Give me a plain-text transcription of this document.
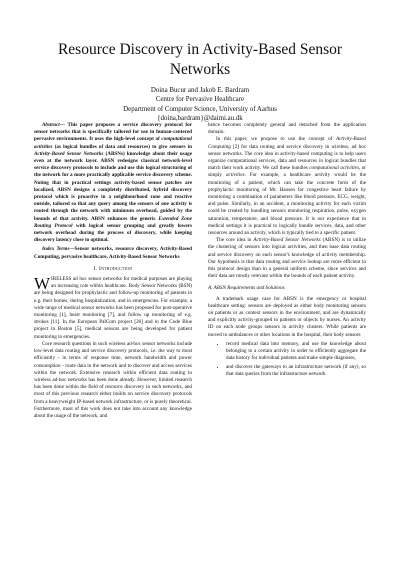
Resource Discovery in Activity-Based Sensor
Networks
Doina Bucur and Jakob E. Bardram
Centre for Pervasive Healthcare
Department of Computer Science, University of Aarhus
{doina,bardram}@daimi.au.dk

Abstract— This paper proposes a service discovery protocol for sensor networks that is specifically tailored for use in human-centered pervasive environments. It uses the high-level concept of computational activities (as logical bundles of data and resources) to give sensors in Activity-Based Sensor Networks (ABSNs) knowledge about their usage even at the network layer. ABSN redesigns classical network-level service discovery protocols to include and use this logical structuring of the network for a more practically applicable service discovery scheme. Noting that in practical settings activity-based sensor patches are localized, ABSN designs a completely distributed, hybrid discovery protocol which is proactive in a neighbourhood zone and reactive outside, tailored so that any query among the sensors of one activity is routed through the network with minimum overhead, guided by the bounds of that activity. ABSN enhances the generic Extended Zone Routing Protocol with logical sensor grouping and greatly lowers network overhead during the process of discovery, while keeping discovery latency close to optimal.

Index Terms—Sensor networks, resource discovery, Activity-Based Computing, pervasive healthcare, Activity-Based Sensor Networks

I. Introduction

WIRELESS ad hoc sensor networks for medical purposes are playing an increasing role within healthcare. Body Sensor Networks (BSN) are being designed for prophylactic and follow-up monitoring of patients in e.g. their homes, during hospitalization, and in emergencies. For example, a wide range of medical sensor networks has been proposed for post-operative monitoring [1], heart monitoring [7], and follow up monitoring of e.g. strokes [11]. In the European PalCom project [20] and in the Code Blue project in Boston [5], medical sensors are being developed for patient monitoring in emergencies.

Core research questions in such wireless ad-hoc sensor networks include low-level data routing and service discovery protocols, i.e. the way to most efficiently - in terms of response time, network bandwidth and power consumption - route data in the network and to discover and access services within the network. Extensive research within efficient data routing in wireless ad-hoc networks has been done already. However, limited research has been done within the field of resource discovery in such networks, and most of this previous research either builds on service discovery protocols from a heavyweight IP-based network infrastructure, or is purely theoretical. Furthermore, most of this work does not take into account any knowledge about the usage of the network, and

hence becomes completely general and detached from the application domain.

In this paper, we propose to use the concept of Activity-Based Computing [2] for data routing and service discovery in wireless, ad hoc sensor networks. The core idea in activity-based computing is to help users organize computational services, data and resources in logical bundles that match their work activity. We call these bundles computational activities, or simply activities. For example, a healthcare activity would be the monitoring of a patient, which can take the concrete form of the prophylactic monitoring of Mr. Hansen for congestive heart failure by monitoring a combination of parameters like blood pressure, ECG, weight, and pulse. Similarly, in an accident, a monitoring activity for each victim could be created by bundling sensors monitoring respiration, pulse, oxygen saturation, temperature, and blood pressure. It is our experience that in medical settings it is practical to logically bundle services, data, and other resources around an activity, which is typically tied to a specific patient.

The core idea in Activity-Based Sensor Networks (ABSN) is to utilize the clustering of sensors into logical activities, and then base data routing and service discovery on each sensor's knowledge of activity membership. Our hypothesis is that data routing and service lookup are more efficient in this protocol design than in a general uniform scheme, since services and their data are mostly relevant within the bounds of each patient activity.

A. ABSN Requirements and Solutions

A trademark usage case for ABSN is the emergency or hospital healthcare setting: sensors are deployed as either body monitoring sensors on patients or as context sensors in the environment, and are dynamically and explicitly activity-grouped to patients or objects by nurses. An activity ID on each node groups sensors in activity clusters. While patients are moved to ambulances or other locations in the hospital, their body sensors

• record medical data into memory, and use the knowledge about belonging to a certain activity in order to efficiently aggregate the data history for individual patients and make simple diagnoses,
• and discover the gateways to an infrastructure network (if any), so that data queries from the infrastructure network
